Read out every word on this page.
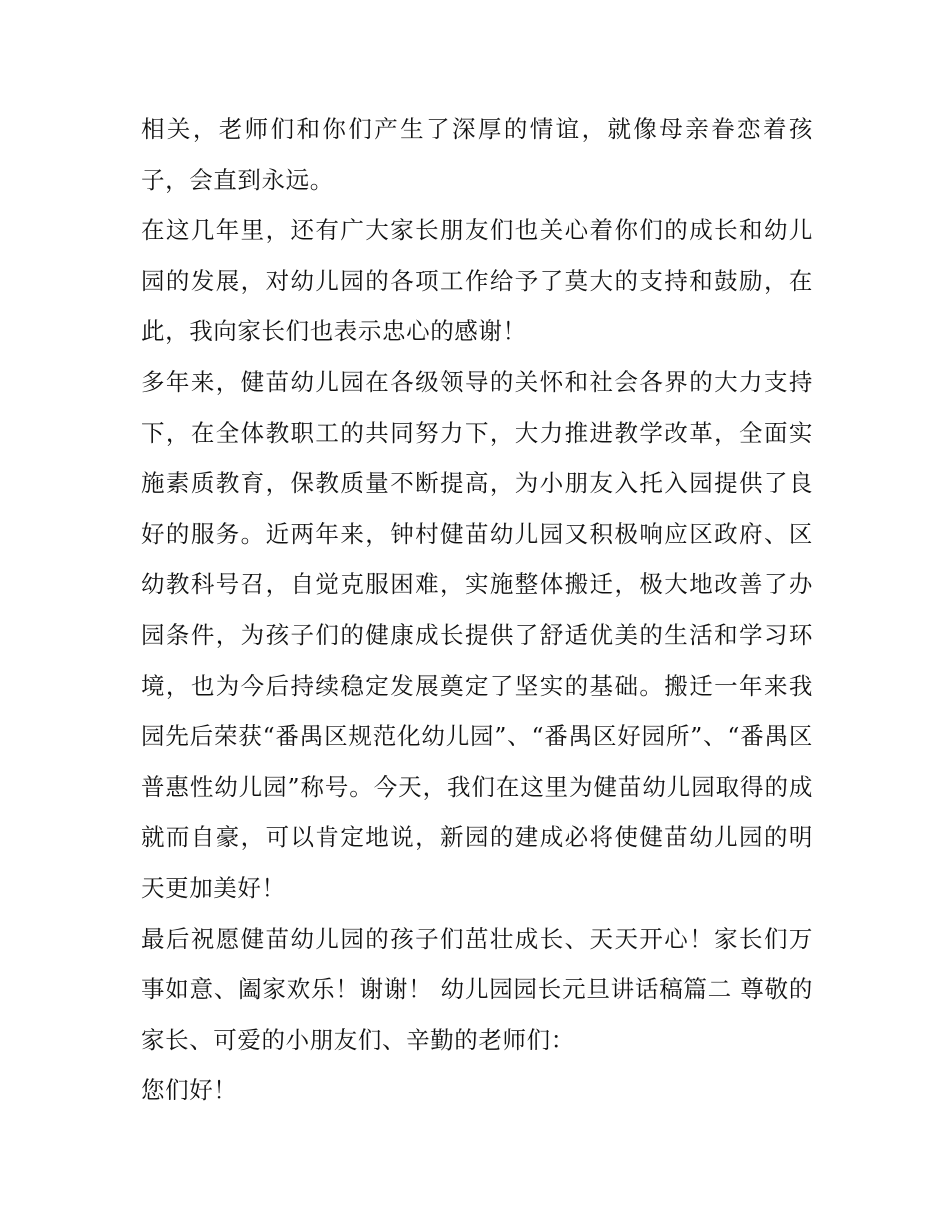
相关，老师们和你们产生了深厚的情谊，就像母亲眷恋着孩子，会直到永远。

在这几年里，还有广大家长朋友们也关心着你们的成长和幼儿园的发展，对幼儿园的各项工作给予了莫大的支持和鼓励，在此，我向家长们也表示忠心的感谢！

多年来，健苗幼儿园在各级领导的关怀和社会各界的大力支持下，在全体教职工的共同努力下，大力推进教学改革，全面实施素质教育，保教质量不断提高，为小朋友入托入园提供了良好的服务。近两年来，钟村健苗幼儿园又积极响应区政府、区幼教科号召，自觉克服困难，实施整体搬迁，极大地改善了办园条件，为孩子们的健康成长提供了舒适优美的生活和学习环境，也为今后持续稳定发展奠定了坚实的基础。搬迁一年来我园先后荣获“番禺区规范化幼儿园”、“番禺区好园所”、“番禺区普惠性幼儿园”称号。今天，我们在这里为健苗幼儿园取得的成就而自豪，可以肯定地说，新园的建成必将使健苗幼儿园的明天更加美好！

最后祝愿健苗幼儿园的孩子们茁壮成长、天天开心！家长们万事如意、阖家欢乐！谢谢！ 幼儿园园长元旦讲话稿篇二 尊敬的家长、可爱的小朋友们、辛勤的老师们：

您们好！
